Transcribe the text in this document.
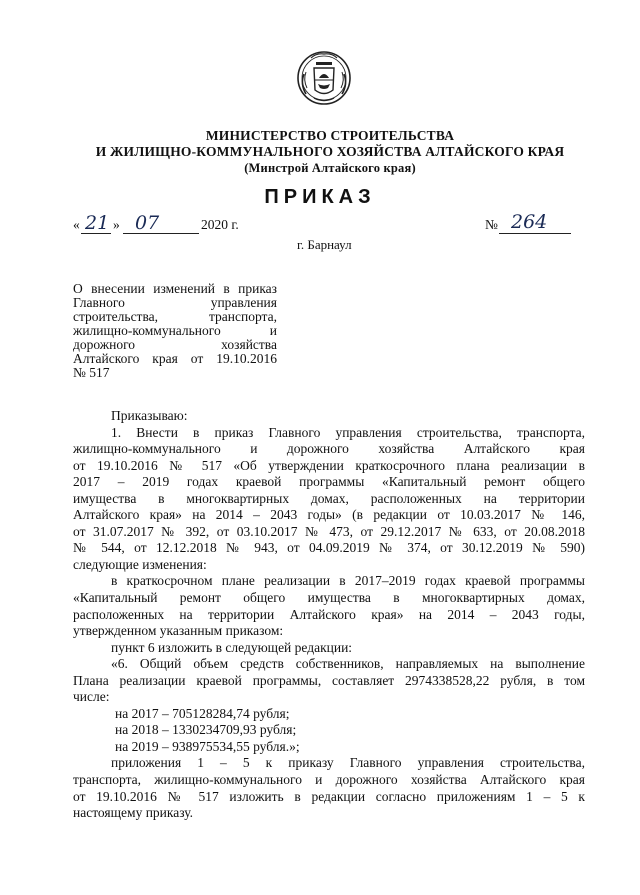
МИНИСТЕРСТВО СТРОИТЕЛЬСТВА
И ЖИЛИЩНО-КОММУНАЛЬНОГО ХОЗЯЙСТВА АЛТАЙСКОГО КРАЯ
(Минстрой Алтайского края)
ПРИКАЗ
« 21 » 07	2020 г.	№ 264
г. Барнаул
О внесении изменений в приказ
Главного управления
строительства, транспорта,
жилищно-коммунального и
дорожного хозяйства
Алтайского края от 19.10.2016
№ 517
Приказываю:

1. Внести в приказ Главного управления строительства, транспорта,
жилищно-коммунального и дорожного хозяйства Алтайского края
от 19.10.2016 № 517 «Об утверждении краткосрочного плана реализации в
2017 – 2019 годах краевой программы «Капитальный ремонт общего
имущества в многоквартирных домах, расположенных на территории
Алтайского края» на 2014 – 2043 годы» (в редакции от 10.03.2017 № 146,
от 31.07.2017 № 392, от 03.10.2017 № 473, от 29.12.2017 № 633, от 20.08.2018
№ 544, от 12.12.2018 № 943, от 04.09.2019 № 374, от 30.12.2019 № 590)
следующие изменения:

в краткосрочном плане реализации в 2017–2019 годах краевой программы
«Капитальный ремонт общего имущества в многоквартирных домах,
расположенных на территории Алтайского края» на 2014 – 2043 годы,
утвержденном указанным приказом:

пункт 6 изложить в следующей редакции:

«6. Общий объем средств собственников, направляемых на выполнение
Плана реализации краевой программы, составляет 2974338528,22 рубля, в том
числе:

на 2017 – 705128284,74 рубля;
на 2018 – 1330234709,93 рубля;
на 2019 – 938975534,55 рубля.»;

приложения 1 – 5 к приказу Главного управления строительства,
транспорта, жилищно-коммунального и дорожного хозяйства Алтайского края
от 19.10.2016 № 517 изложить в редакции согласно приложениям 1 – 5 к
настоящему приказу.
